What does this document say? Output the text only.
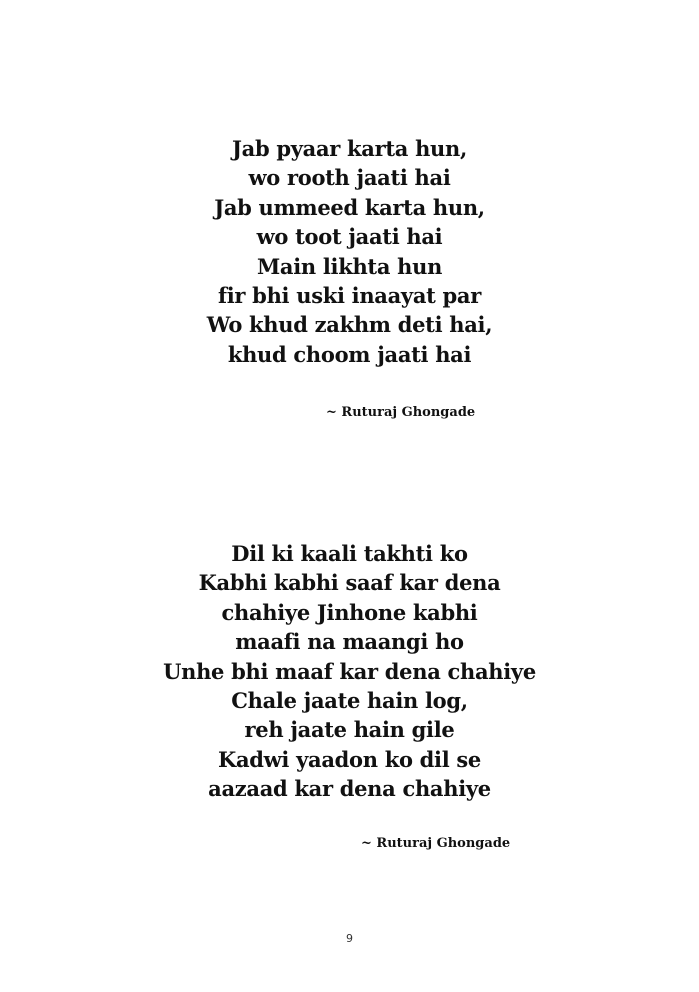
Jab pyaar karta hun,
wo rooth jaati hai
Jab ummeed karta hun,
wo toot jaati hai
Main likhta hun
fir bhi uski inaayat par
Wo khud zakhm deti hai,
khud choom jaati hai
~ Ruturaj Ghongade
Dil ki kaali takhti ko
Kabhi kabhi saaf kar dena
chahiye Jinhone kabhi
maafi na maangi ho
Unhe bhi maaf kar dena chahiye
Chale jaate hain log,
reh jaate hain gile
Kadwi yaadon ko dil se
aazaad kar dena chahiye
~ Ruturaj Ghongade
9
